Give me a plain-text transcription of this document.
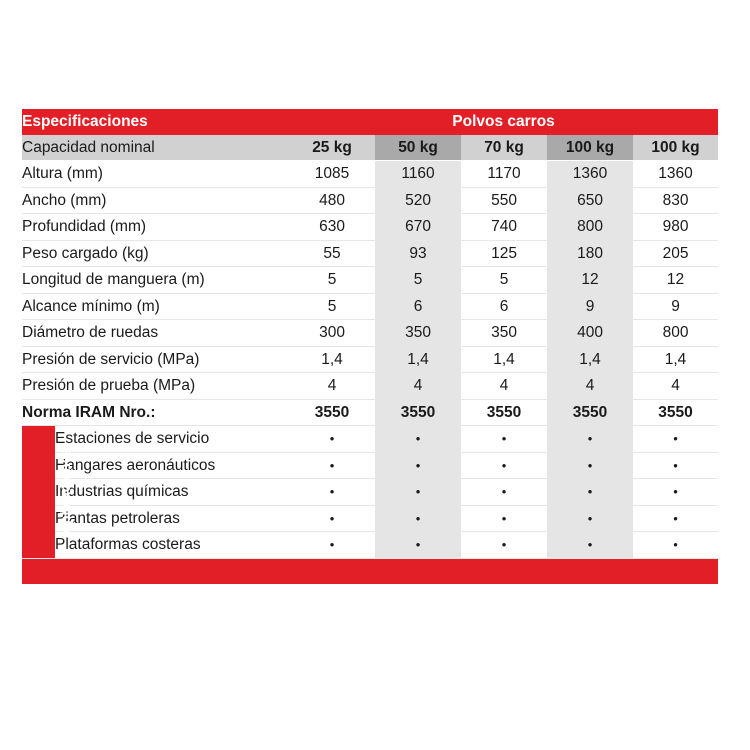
Especificaciones		Polvos carros				
Capacidad nominal		25 kg	50 kg	70 kg	100 kg	100 kg
Altura (mm)		1085	1160	1170	1360	1360
Ancho (mm)		480	520	550	650	830
Profundidad (mm)		630	670	740	800	980
Peso cargado (kg)		55	93	125	180	205
Longitud de manguera (m)		5	5	5	12	12
Alcance mínimo (m)		5	6	6	9	9
Diámetro de ruedas		300	350	350	400	800
Presión de servicio (MPa)		1,4	1,4	1,4	1,4	1,4
Presión de prueba (MPa)		4	4	4	4	4
Norma IRAM Nro.:		3550	3550	3550	3550	3550
Aplicaciones	Estaciones de servicio	•	•	•	•	•
	Hangares aeronáuticos	•	•	•	•	•
	Industrias químicas	•	•	•	•	•
	Plantas petroleras	•	•	•	•	•
	Plataformas costeras	•	•	•	•	•
